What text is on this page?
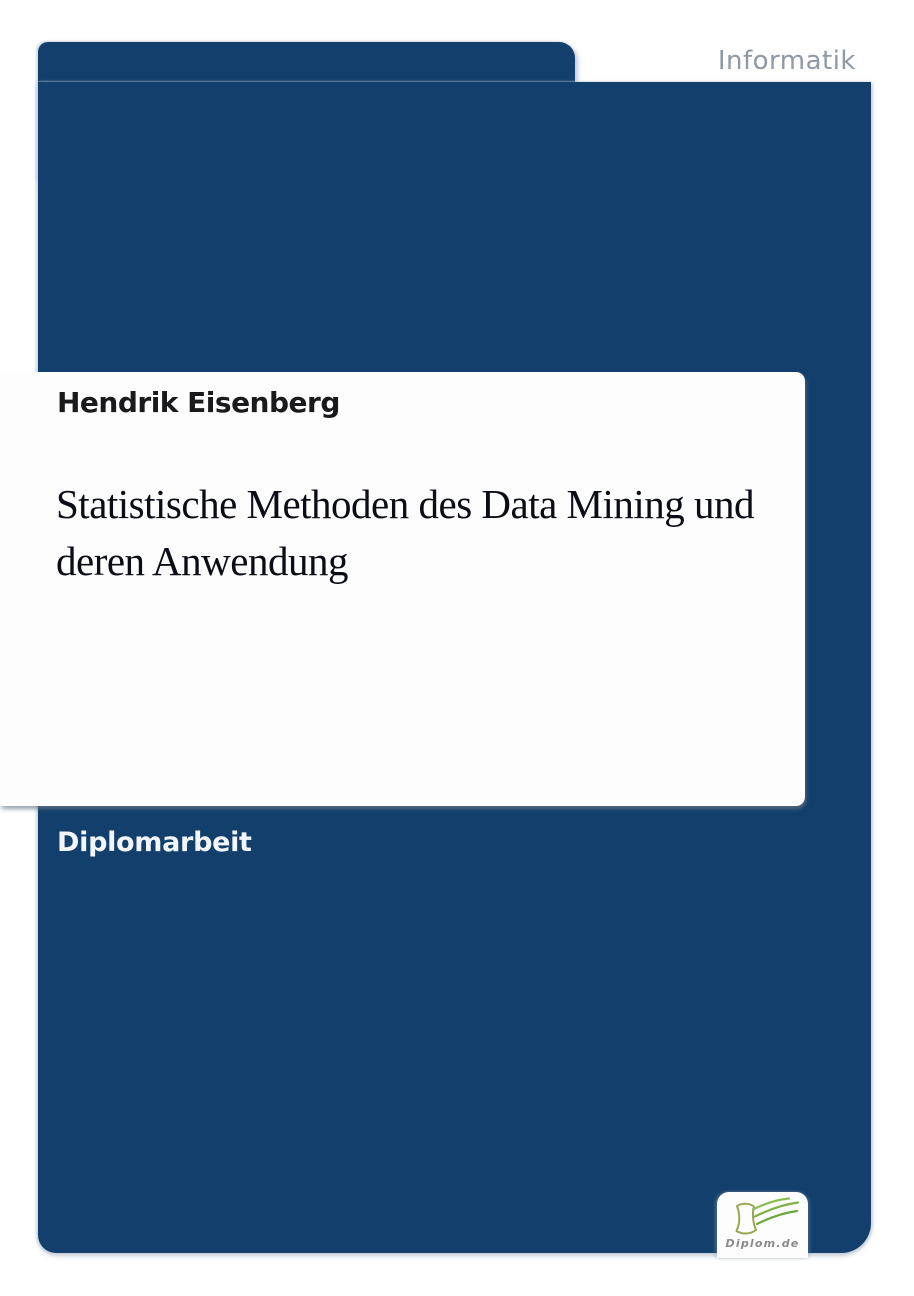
Informatik
Hendrik Eisenberg
Statistische Methoden des Data Mining und
deren Anwendung
Diplomarbeit
Diplom.de
